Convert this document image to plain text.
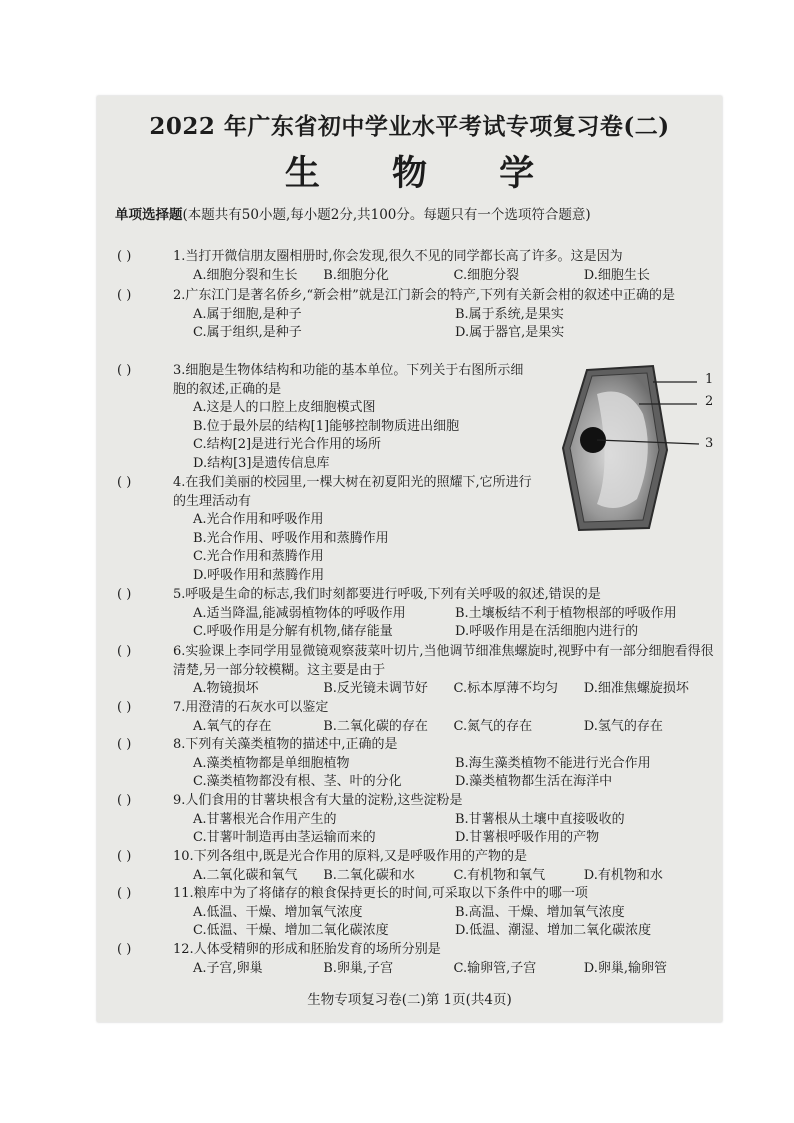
2022 年广东省初中学业水平考试专项复习卷(二)
生 物 学
单项选择题(本题共有50小题,每小题2分,共100分。每题只有一个选项符合题意)
( )	1.当打开微信朋友圈相册时,你会发现,很久不见的同学都长高了许多。这是因为
A.细胞分裂和生长	B.细胞分化	C.细胞分裂	D.细胞生长
( )	2.广东江门是著名侨乡,“新会柑”就是江门新会的特产,下列有关新会柑的叙述中正确的是
A.属于细胞,是种子	B.属于系统,是果实
C.属于组织,是种子	D.属于器官,是果实
( )	3.细胞是生物体结构和功能的基本单位。下列关于右图所示细胞的叙述,正确的是
A.这是人的口腔上皮细胞模式图
B.位于最外层的结构[1]能够控制物质进出细胞
C.结构[2]是进行光合作用的场所
D.结构[3]是遗传信息库
1
2
3
( )	4.在我们美丽的校园里,一棵大树在初夏阳光的照耀下,它所进行的生理活动有
A.光合作用和呼吸作用
B.光合作用、呼吸作用和蒸腾作用
C.光合作用和蒸腾作用
D.呼吸作用和蒸腾作用
( )	5.呼吸是生命的标志,我们时刻都要进行呼吸,下列有关呼吸的叙述,错误的是
A.适当降温,能减弱植物体的呼吸作用	B.土壤板结不利于植物根部的呼吸作用
C.呼吸作用是分解有机物,储存能量	D.呼吸作用是在活细胞内进行的
( )	6.实验课上李同学用显微镜观察菠菜叶切片,当他调节细准焦螺旋时,视野中有一部分细胞看得很清楚,另一部分较模糊。这主要是由于
A.物镜损坏	B.反光镜未调节好	C.标本厚薄不均匀	D.细准焦螺旋损坏
( )	7.用澄清的石灰水可以鉴定
A.氧气的存在	B.二氧化碳的存在	C.氮气的存在	D.氢气的存在
( )	8.下列有关藻类植物的描述中,正确的是
A.藻类植物都是单细胞植物	B.海生藻类植物不能进行光合作用
C.藻类植物都没有根、茎、叶的分化	D.藻类植物都生活在海洋中
( )	9.人们食用的甘薯块根含有大量的淀粉,这些淀粉是
A.甘薯根光合作用产生的	B.甘薯根从土壤中直接吸收的
C.甘薯叶制造再由茎运输而来的	D.甘薯根呼吸作用的产物
( )	10.下列各组中,既是光合作用的原料,又是呼吸作用的产物的是
A.二氧化碳和氧气	B.二氧化碳和水	C.有机物和氧气	D.有机物和水
( )	11.粮库中为了将储存的粮食保持更长的时间,可采取以下条件中的哪一项
A.低温、干燥、增加氧气浓度	B.高温、干燥、增加氧气浓度
C.低温、干燥、增加二氧化碳浓度	D.低温、潮湿、增加二氧化碳浓度
( )	12.人体受精卵的形成和胚胎发育的场所分别是
A.子宫,卵巢	B.卵巢,子宫	C.输卵管,子宫	D.卵巢,输卵管
生物专项复习卷(二)第 1页(共4页)
